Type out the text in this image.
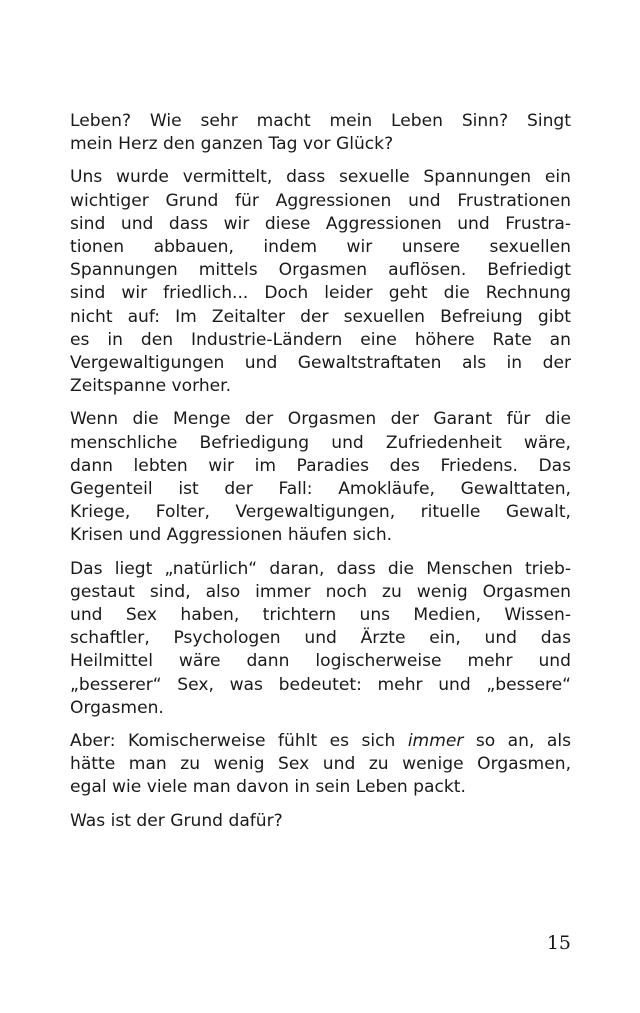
Leben? Wie sehr macht mein Leben Sinn? Singt
mein Herz den ganzen Tag vor Glück?

Uns wurde vermittelt, dass sexuelle Spannungen ein
wichtiger Grund für Aggressionen und Frustrationen
sind und dass wir diese Aggressionen und Frustra-
tionen abbauen, indem wir unsere sexuellen
Spannungen mittels Orgasmen auflösen. Befriedigt
sind wir friedlich... Doch leider geht die Rechnung
nicht auf: Im Zeitalter der sexuellen Befreiung gibt
es in den Industrie-Ländern eine höhere Rate an
Vergewaltigungen und Gewaltstraftaten als in der
Zeitspanne vorher.

Wenn die Menge der Orgasmen der Garant für die
menschliche Befriedigung und Zufriedenheit wäre,
dann lebten wir im Paradies des Friedens. Das
Gegenteil ist der Fall: Amokläufe, Gewalttaten,
Kriege, Folter, Vergewaltigungen, rituelle Gewalt,
Krisen und Aggressionen häufen sich.

Das liegt „natürlich“ daran, dass die Menschen trieb-
gestaut sind, also immer noch zu wenig Orgasmen
und Sex haben, trichtern uns Medien, Wissen-
schaftler, Psychologen und Ärzte ein, und das
Heilmittel wäre dann logischerweise mehr und
„besserer“ Sex, was bedeutet: mehr und „bessere“
Orgasmen.

Aber: Komischerweise fühlt es sich immer so an, als
hätte man zu wenig Sex und zu wenige Orgasmen,
egal wie viele man davon in sein Leben packt.

Was ist der Grund dafür?

15
